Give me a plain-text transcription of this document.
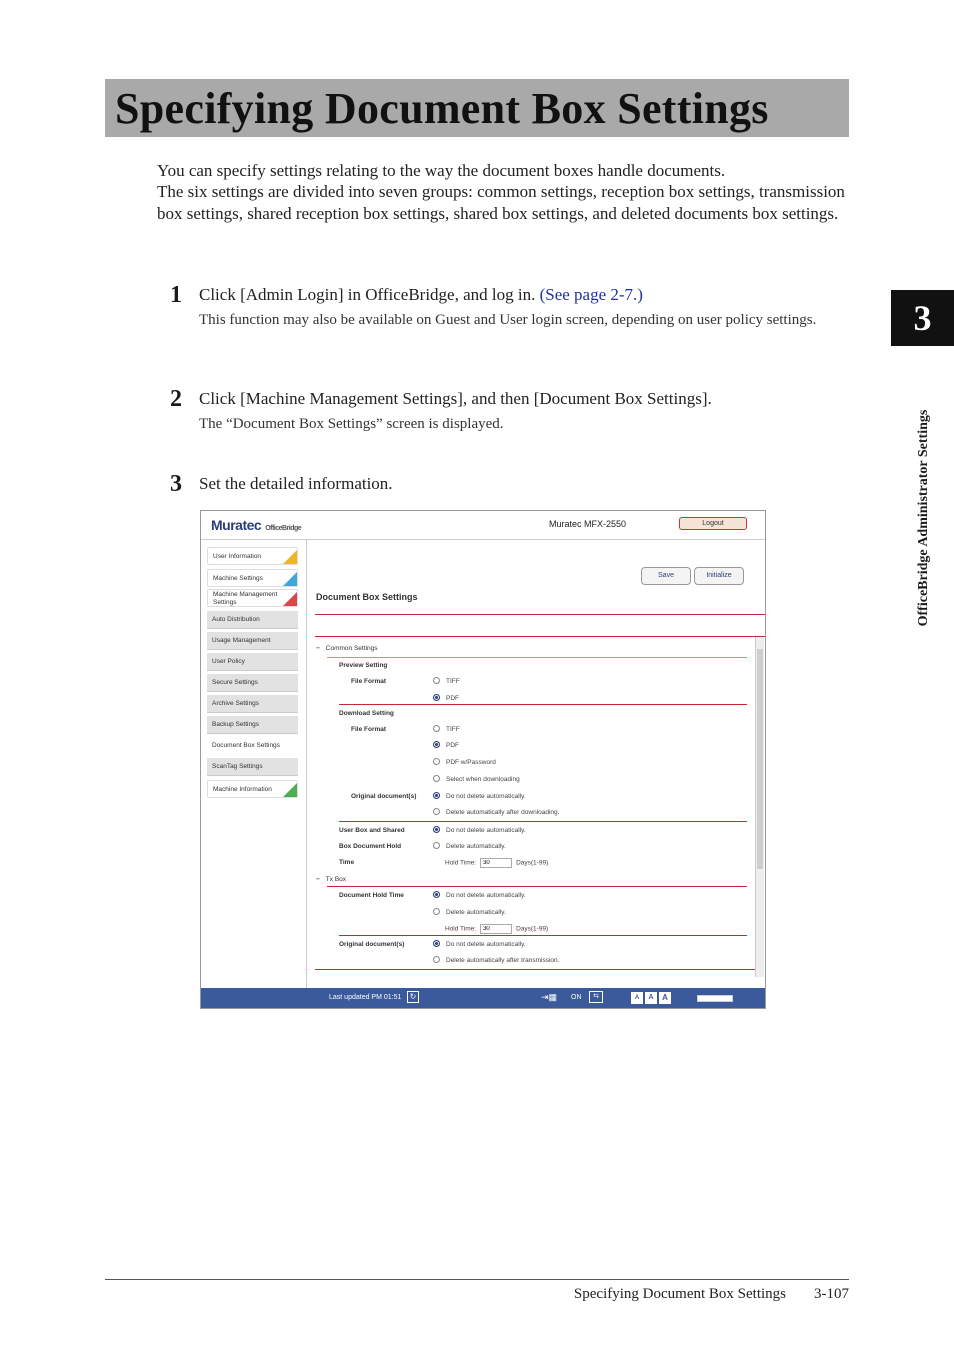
Specifying Document Box Settings

You can specify settings relating to the way the document boxes handle documents.

The six settings are divided into seven groups: common settings, reception box settings, transmission box settings, shared reception box settings, shared box settings, and deleted documents box settings.

1 Click [Admin Login] in OfficeBridge, and log in. (See page 2-7.)
This function may also be available on Guest and User login screen, depending on user policy settings.
2 Click [Machine Management Settings], and then [Document Box Settings].
The “Document Box Settings” screen is displayed.
3 Set the detailed information.
Muratec OfficeBridge	Muratec MFX-2550	Logout
User Information
Machine Settings
Machine Management Settings
Auto Distribution
Usage Management
User Policy
Secure Settings
Archive Settings
Backup Settings
Document Box Settings
ScanTag Settings
Machine Information
Save	Initialize
Document Box Settings
− Common Settings
Preview Setting
File Format	TIFF
PDF
Download Setting
File Format	TIFF
PDF
PDF w/Password
Select when downloading
Original document(s)	Do not delete automatically.
Delete automatically after downloading.
User Box and Shared
Box Document Hold
Time
Do not delete automatically.
Delete automatically.
Hold Time:30	Days(1-99)
− Tx Box
Document Hold Time	Do not delete automatically.
Delete automatically.
Hold Time:30	Days(1-99)
Original document(s)	Do not delete automatically.
Delete automatically after transmission.
Last updated PM 01:51	↻	⇥▦ ON	⇆	A	A	A
3
OfficeBridge Administrator Settings
Specifying Document Box Settings 3-107
